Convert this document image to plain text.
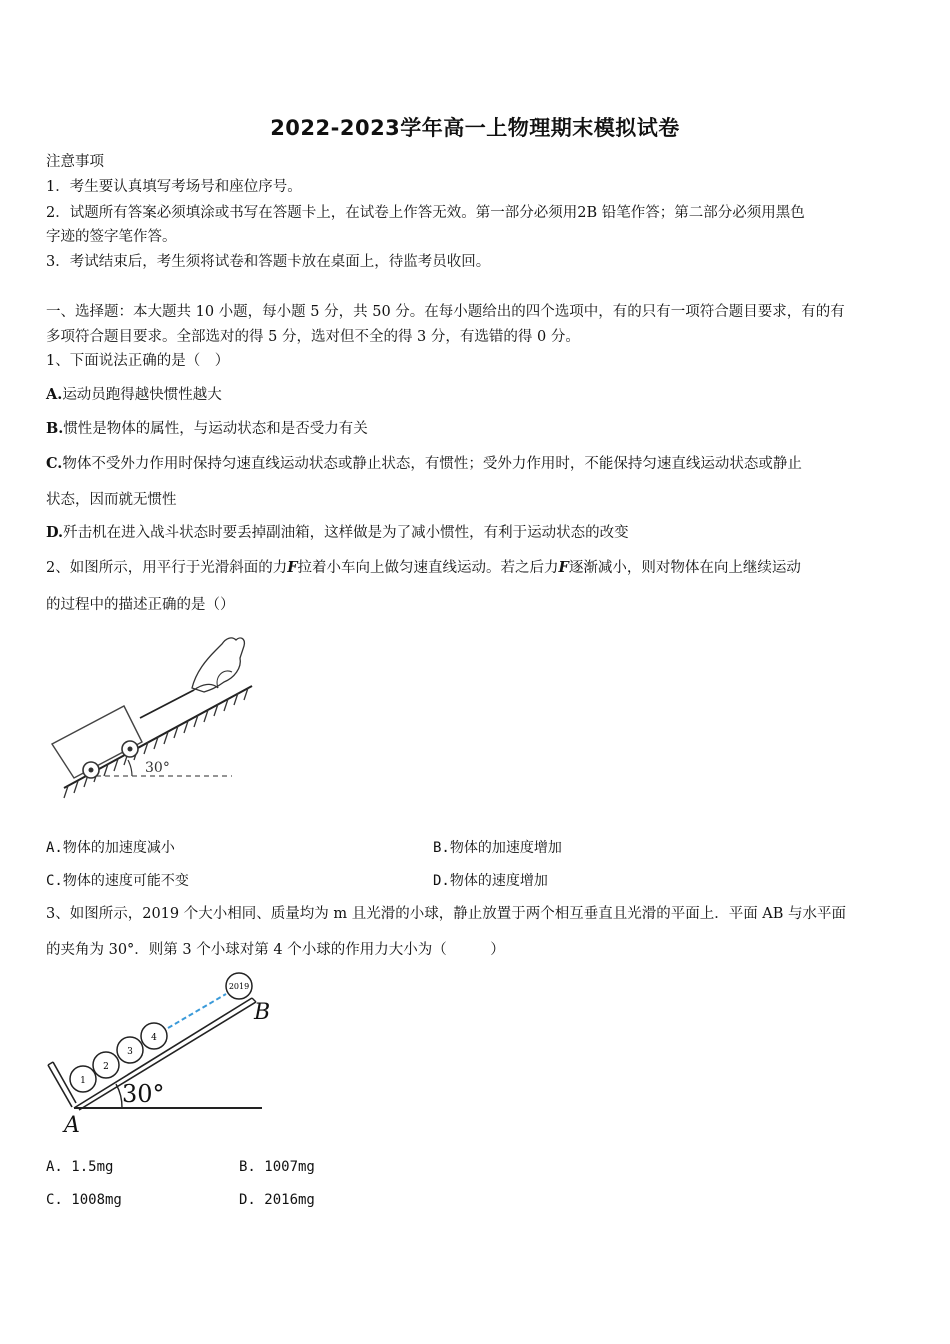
2022-2023学年高一上物理期末模拟试卷
注意事项
1．考生要认真填写考场号和座位序号。
2．试题所有答案必须填涂或书写在答题卡上，在试卷上作答无效。第一部分必须用2B 铅笔作答；第二部分必须用黑色
字迹的签字笔作答。
3．考试结束后，考生须将试卷和答题卡放在桌面上，待监考员收回。
一、选择题：本大题共 10 小题，每小题 5 分，共 50 分。在每小题给出的四个选项中，有的只有一项符合题目要求，有的有
多项符合题目要求。全部选对的得 5 分，选对但不全的得 3 分，有选错的得 0 分。
1、下面说法正确的是（　）
A.运动员跑得越快惯性越大
B.惯性是物体的属性，与运动状态和是否受力有关
C.物体不受外力作用时保持匀速直线运动状态或静止状态，有惯性；受外力作用时，不能保持匀速直线运动状态或静止
状态，因而就无惯性
D.歼击机在进入战斗状态时要丢掉副油箱，这样做是为了减小惯性，有利于运动状态的改变
2、如图所示，用平行于光滑斜面的力F拉着小车向上做匀速直线运动。若之后力F逐渐减小，则对物体在向上继续运动
的过程中的描述正确的是（）
30°
A.物体的加速度减小	B.物体的加速度增加
C.物体的速度可能不变	D.物体的速度增加
3、如图所示，2019 个大小相同、质量均为 m 且光滑的小球，静止放置于两个相互垂直且光滑的平面上．平面 AB 与水平面
的夹角为 30°．则第 3 个小球对第 4 个小球的作用力大小为（　　　）
30°
1
2
3
4
2019
B
A
A. 1.5mg	B. 1007mg
C. 1008mg	D. 2016mg
